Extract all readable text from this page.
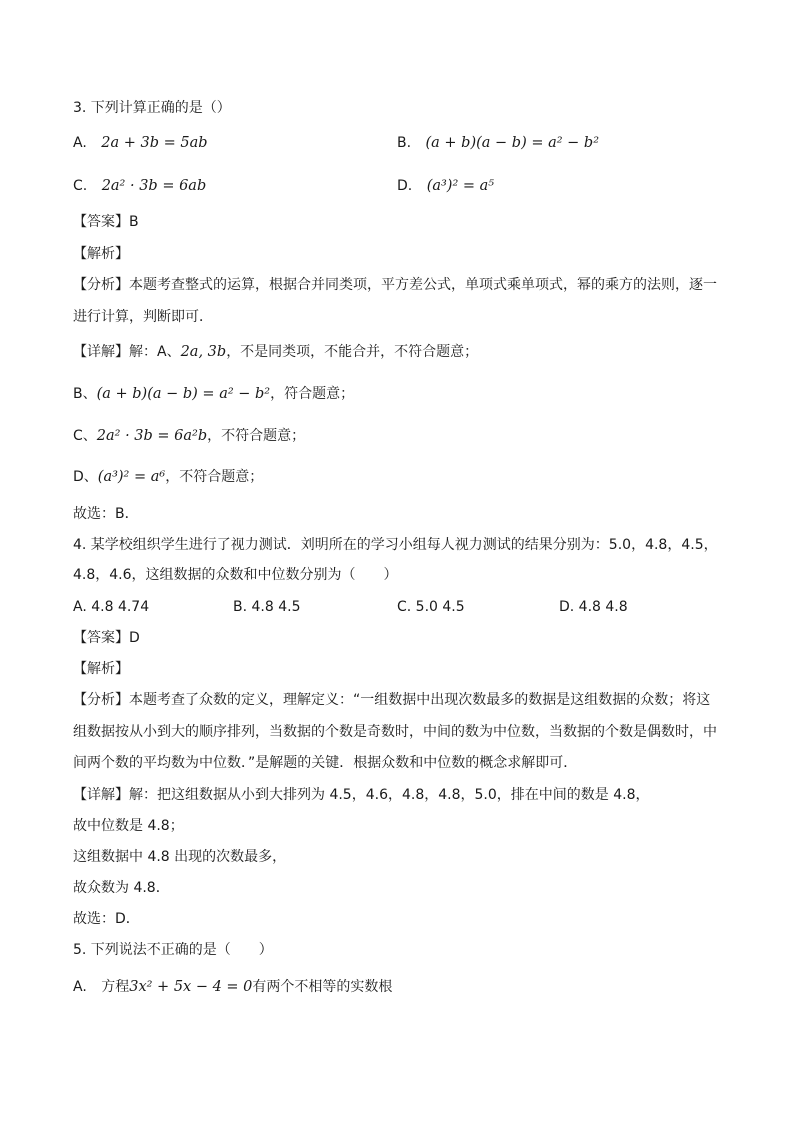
3. 下列计算正确的是（）
A. 2a + 3b = 5ab	B. (a + b)(a − b) = a² − b²
C. 2a² · 3b = 6ab	D. (a³)² = a⁵
【答案】B
【解析】
【分析】本题考查整式的运算，根据合并同类项，平方差公式，单项式乘单项式，幂的乘方的法则，逐一
进行计算，判断即可．
【详解】解：A、2a, 3b，不是同类项，不能合并，不符合题意；
B、(a + b)(a − b) = a² − b²，符合题意；
C、2a² · 3b = 6a²b，不符合题意；
D、(a³)² = a⁶，不符合题意；
故选：B．
4. 某学校组织学生进行了视力测试．刘明所在的学习小组每人视力测试的结果分别为：5.0，4.8，4.5，
4.8，4.6，这组数据的众数和中位数分别为（　　）
A. 4.8 4.74	B. 4.8 4.5	C. 5.0 4.5	D. 4.8 4.8
【答案】D
【解析】
【分析】本题考查了众数的定义，理解定义：“一组数据中出现次数最多的数据是这组数据的众数；将这
组数据按从小到大的顺序排列，当数据的个数是奇数时，中间的数为中位数，当数据的个数是偶数时，中
间两个数的平均数为中位数．”是解题的关键．根据众数和中位数的概念求解即可．
【详解】解：把这组数据从小到大排列为 4.5，4.6，4.8，4.8，5.0，排在中间的数是 4.8，
故中位数是 4.8；
这组数据中 4.8 出现的次数最多，
故众数为 4.8．
故选：D．
5. 下列说法不正确的是（　　）
A. 方程3x² + 5x − 4 = 0有两个不相等的实数根
